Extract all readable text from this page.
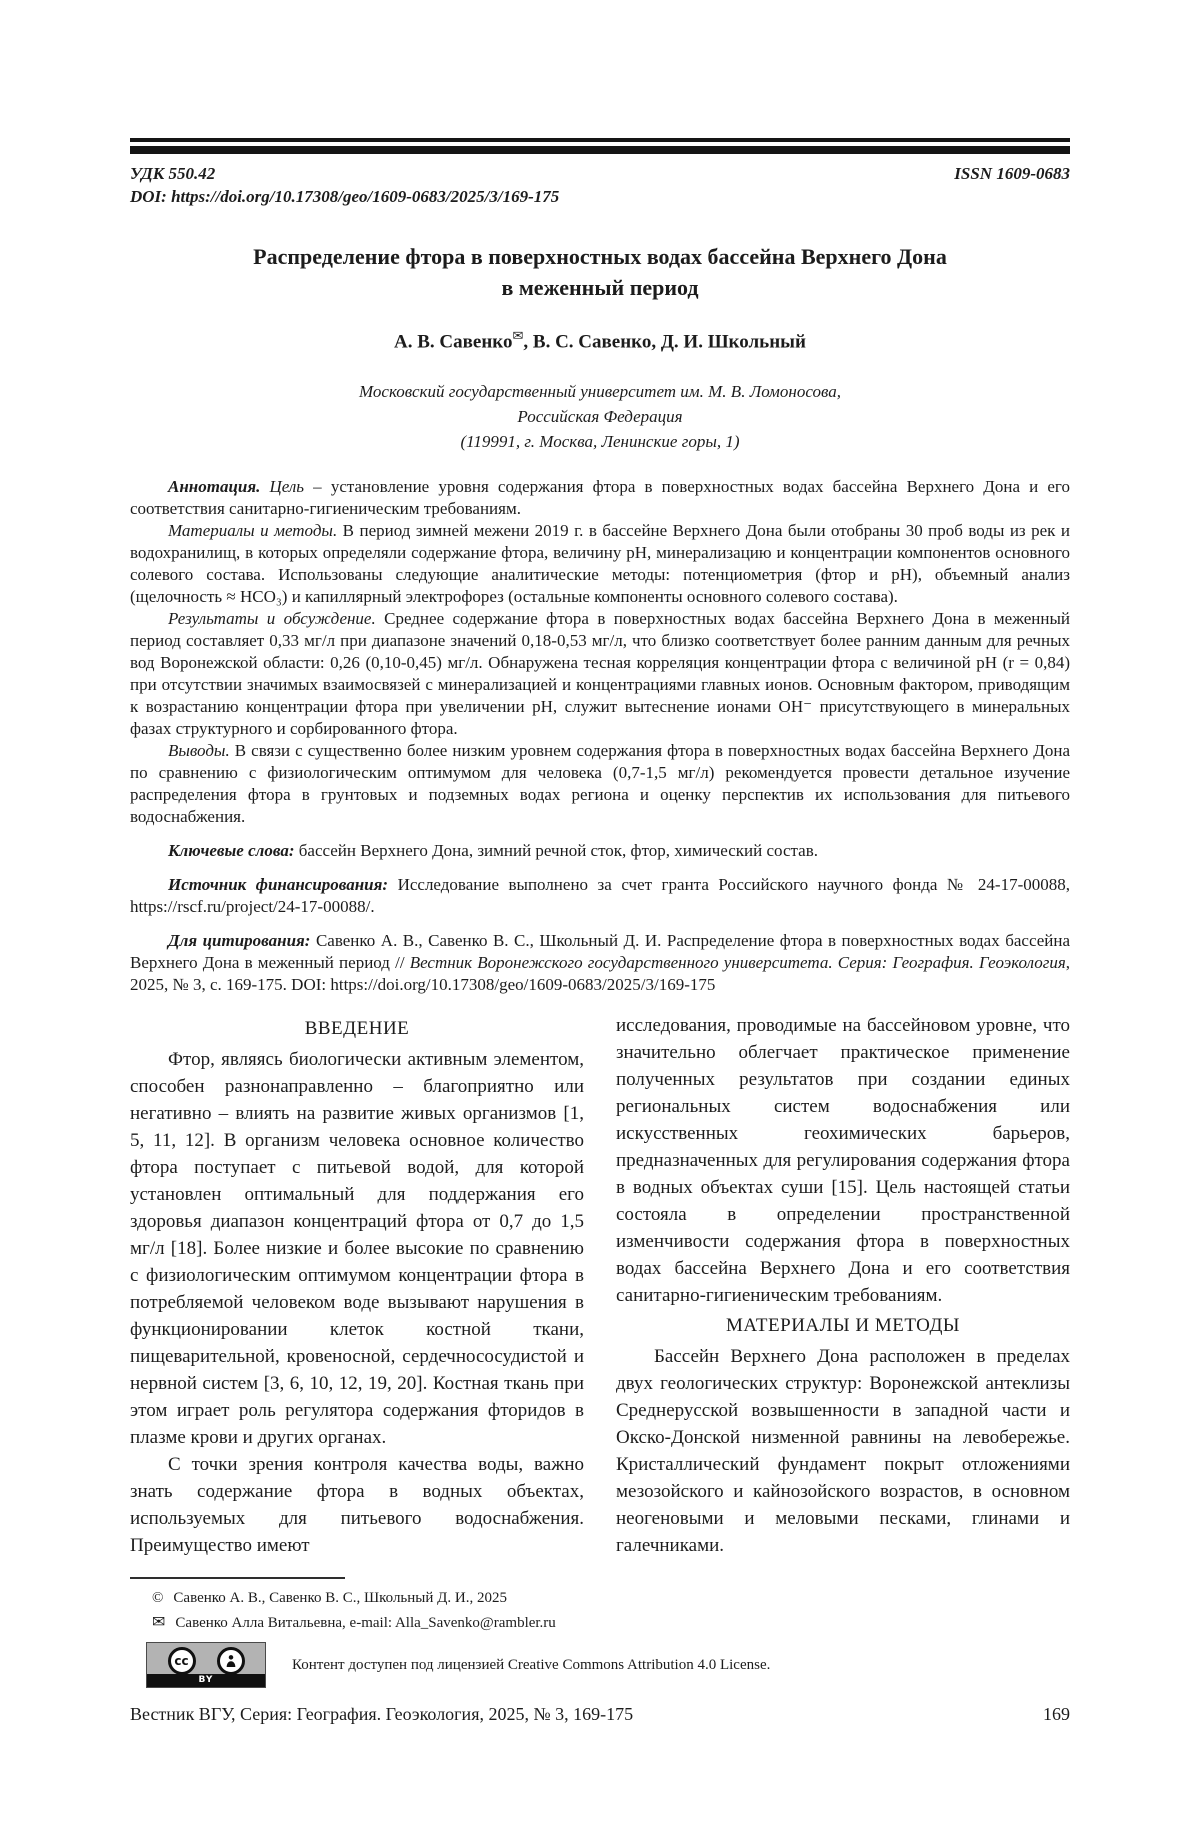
УДК 550.42	ISSN 1609-0683
DOI: https://doi.org/10.17308/geo/1609-0683/2025/3/169-175
Распределение фтора в поверхностных водах бассейна Верхнего Дона
в меженный период
А. В. Савенко✉, В. С. Савенко, Д. И. Школьный
Московский государственный университет им. М. В. Ломоносова,
Российская Федерация
(119991, г. Москва, Ленинские горы, 1)

Аннотация. Цель – установление уровня содержания фтора в поверхностных водах бассейна Верхнего Дона и его соответствия санитарно-гигиеническим требованиям.

Материалы и методы. В период зимней межени 2019 г. в бассейне Верхнего Дона были отобраны 30 проб воды из рек и водохранилищ, в которых определяли содержание фтора, величину pH, минерализацию и концентрации компонентов основного солевого состава. Использованы следующие аналитические методы: потенциометрия (фтор и pH), объемный анализ (щелочность ≈ HCO₃) и капиллярный электрофорез (остальные компоненты основного солевого состава).

Результаты и обсуждение. Среднее содержание фтора в поверхностных водах бассейна Верхнего Дона в меженный период составляет 0,33 мг/л при диапазоне значений 0,18-0,53 мг/л, что близко соответствует более ранним данным для речных вод Воронежской области: 0,26 (0,10-0,45) мг/л. Обнаружена тесная корреляция концентрации фтора с величиной pH (r = 0,84) при отсутствии значимых взаимосвязей с минерализацией и концентрациями главных ионов. Основным фактором, приводящим к возрастанию концентрации фтора при увеличении pH, служит вытеснение ионами ОН⁻ присутствующего в минеральных фазах структурного и сорбированного фтора.

Выводы. В связи с существенно более низким уровнем содержания фтора в поверхностных водах бассейна Верхнего Дона по сравнению с физиологическим оптимумом для человека (0,7-1,5 мг/л) рекомендуется провести детальное изучение распределения фтора в грунтовых и подземных водах региона и оценку перспектив их использования для питьевого водоснабжения.

Ключевые слова: бассейн Верхнего Дона, зимний речной сток, фтор, химический состав.

Источник финансирования: Исследование выполнено за счет гранта Российского научного фонда № 24-17-00088, https://rscf.ru/project/24-17-00088/.

Для цитирования: Савенко А. В., Савенко В. С., Школьный Д. И. Распределение фтора в поверхностных водах бассейна Верхнего Дона в меженный период // Вестник Воронежского государственного университета. Серия: География. Геоэкология, 2025, № 3, с. 169-175. DOI: https://doi.org/10.17308/geo/1609-0683/2025/3/169-175

ВВЕДЕНИЕ

Фтор, являясь биологически активным элементом, способен разнонаправленно – благоприятно или негативно – влиять на развитие живых организмов [1, 5, 11, 12]. В организм человека основное количество фтора поступает с питьевой водой, для которой установлен оптимальный для поддержания его здоровья диапазон концентраций фтора от 0,7 до 1,5 мг/л [18]. Более низкие и более высокие по сравнению с физиологическим оптимумом концентрации фтора в потребляемой человеком воде вызывают нарушения в функционировании клеток костной ткани, пищеварительной, кровеносной, сердечнососудистой и нервной систем [3, 6, 10, 12, 19, 20]. Костная ткань при этом играет роль регулятора содержания фторидов в плазме крови и других органах.

С точки зрения контроля качества воды, важно знать содержание фтора в водных объектах, используемых для питьевого водоснабжения. Преимущество имеют

исследования, проводимые на бассейновом уровне, что значительно облегчает практическое применение полученных результатов при создании единых региональных систем водоснабжения или искусственных геохимических барьеров, предназначенных для регулирования содержания фтора в водных объектах суши [15]. Цель настоящей статьи состояла в определении пространственной изменчивости содержания фтора в поверхностных водах бассейна Верхнего Дона и его соответствия санитарно-гигиеническим требованиям.

МАТЕРИАЛЫ И МЕТОДЫ

Бассейн Верхнего Дона расположен в пределах двух геологических структур: Воронежской антеклизы Среднерусской возвышенности в западной части и Окско-Донской низменной равнины на левобережье. Кристаллический фундамент покрыт отложениями мезозойского и кайнозойского возрастов, в основном неогеновыми и меловыми песками, глинами и галечниками.

© Савенко А. В., Савенко В. С., Школьный Д. И., 2025
✉ Савенко Алла Витальевна, e-mail: Alla_Savenko@rambler.ru
cc
BY
Контент доступен под лицензией Creative Commons Attribution 4.0 License.
Вестник ВГУ, Серия: География. Геоэкология, 2025, № 3, 169-175	169
